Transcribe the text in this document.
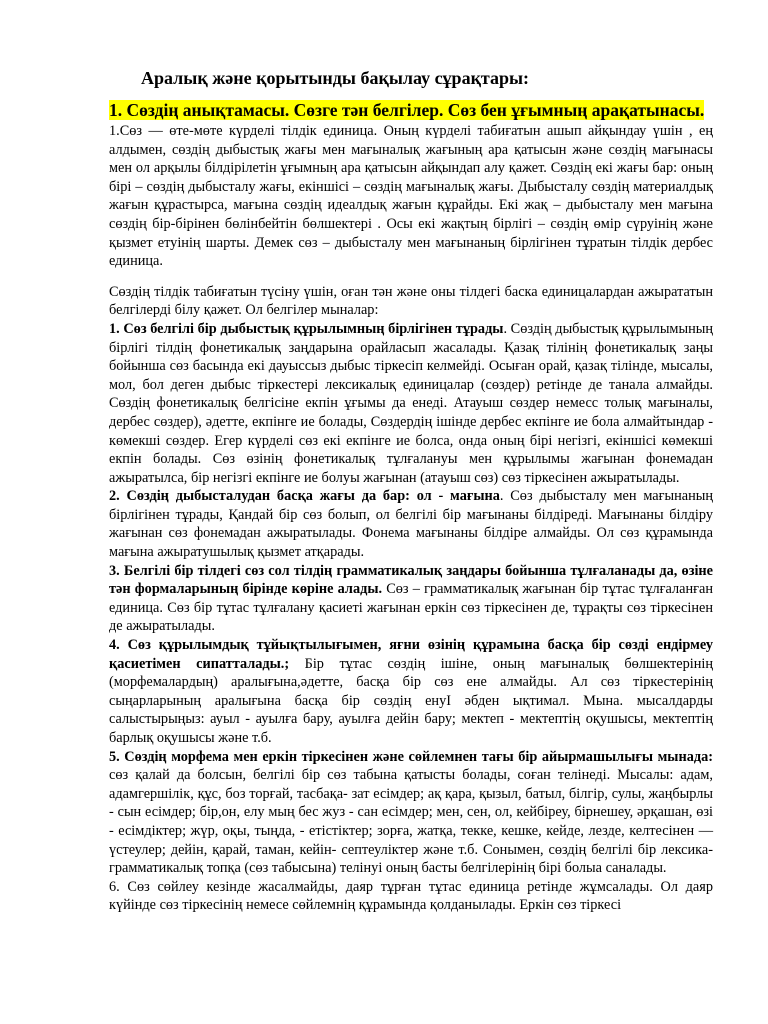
Аралық және қорытынды бақылау сұрақтары:
1. Сөздің анықтамасы. Сөзге тән белгілер. Сөз бен ұғымның арақатынасы.

1.Сөз — өте-мөте күрделі тілдік единица. Оның күрделі табиғатын ашып айқындау үшін , ең алдымен, сөздің дыбыстық жағы мен мағыналық жағының ара қатысын және сөздің мағынасы мен ол арқылы білдірілетін ұғымның ара қатысын айқындап алу қажет. Сөздің екі жағы бар: оның бірі – сөздің дыбысталу жағы, екіншісі – сөздің мағыналық жағы. Дыбысталу сөздің материалдық жағын құрастырса, мағына сөздің идеалдық жағын құрайды. Екі жақ – дыбысталу мен мағына сөздің бір-бірінен бөлінбейтін бөлшектері . Осы екі жақтың бірлігі – сөздің өмір сүруінің және қызмет етуінің шарты. Демек сөз – дыбысталу мен мағынаның бірлігінен тұратын тілдік дербес единица.

Сөздің тілдік табиғатын түсіну үшін, оған тән және оны тілдегі баска единицалардан ажырататын белгілерді білу қажет. Ол белгілер мыналар:

1. Сөз белгілі бір дыбыстық құрылымның бірлігінен тұрады. Сөздің дыбыстық құрылымының бірлігі тілдің фонетикалық заңдарына орайласып жасалады. Қазақ тілінің фонетикалық заңы бойынша сөз басында екі дауыссыз дыбыс тіркесіп келмейді. Осыған орай, қазақ тілінде, мысалы, мол, бол деген дыбыс тіркестері лексикалық единицалар (сөздер) ретінде де танала алмайды. Сөздің фонетикалық белгісіне екпін ұғымы да енеді. Атауыш сөздер немесс толық мағыналы, дербес сөздер), әдетте, екпінге ие болады, Сөздердің ішінде дербес екпінге ие бола алмайтындар - көмекші сөздер. Егер күрделі сөз екі екпінге ие болса, онда оның бірі негізгі, екіншісі көмекші екпін болады. Сөз өзінің фонетикалық тұлғалануы мен құрылымы жағынан фонемадан ажыратылса, бір негізгі екпінге ие болуы жағынан (атауыш сөз) сөз тіркесінен ажыратылады.

2. Сөздің дыбысталудан басқа жағы да бар: ол - мағына. Сөз дыбысталу мен мағынаның бірлігінен тұрады, Қандай бір сөз болып, ол белгілі бір мағынаны білдіреді. Мағынаны білдіру жағынан сөз фонемадан ажыратылады. Фонема мағынаны білдіре алмайды. Ол сөз құрамында мағына ажыратушылық қызмет атқарады.

3. Белгілі бір тілдегі сөз сол тілдің грамматикалық заңдары бойынша тұлғаланады да, өзіне тән формаларының бірінде көріне алады. Сөз – грамматикалық жағынан бір тұтас тұлғаланған единица. Сөз бір тұтас тұлғалану қасиеті жағынан еркін сөз тіркесінен де, тұрақты сөз тіркесінен де ажыратылады.

4. Сөз құрылымдық тұйықтылығымен, яғни өзінің құрамына басқа бір сөзді ендірмеу қасиетімен сипатталады.; Бір тұтас сөздің ішіне, оның мағыналық бөлшектерінің (морфемалардың) аралығына,әдетте, басқа бір сөз ене алмайды. Ал сөз тіркестерінің сыңарларының аралығына басқа бір сөздің енуІ әбден ықтимал. Мына. мысалдарды салыстырыңыз: ауыл - ауылға бару, ауылға дейін бару; мектеп - мектептің оқушысы, мектептің барлық оқушысы және т.б.

5. Сөздің морфема мен еркін тіркесінен және сөйлемнен тағы бір айырмашылығы мынада: сөз қалай да болсын, белгілі бір сөз табына қатысты болады, соған телінеді. Мысалы: адам, адамгершілік, құс, боз торғай, тасбақа- зат есімдер; ақ қара, қызыл, батыл, білгір, сулы, жаңбырлы - сын есімдер; бір,он, елу мың бес жуз - сан есімдер; мен, сен, ол, кейбіреу, бірнешеу, әрқашан, өзі - есімдіктер; жүр, оқы, тыңда, - етістіктер; зорға, жатқа, текке, кешке, кейде, лезде, келтесінен — үстеулер; дейін, қарай, таман, кейін- септеуліктер және т.б. Сонымен, сөздің белгілі бір лексика-грамматикалық топқа (сөз табысына) телінуі оның басты белгілерінің бірі болыа саналады.

6. Сөз сөйлеу кезінде жасалмайды, даяр тұрған тұтас единица ретінде жұмсалады. Ол даяр күйінде сөз тіркесінің немесе сөйлемнің құрамында қолданылады. Еркін сөз тіркесі
